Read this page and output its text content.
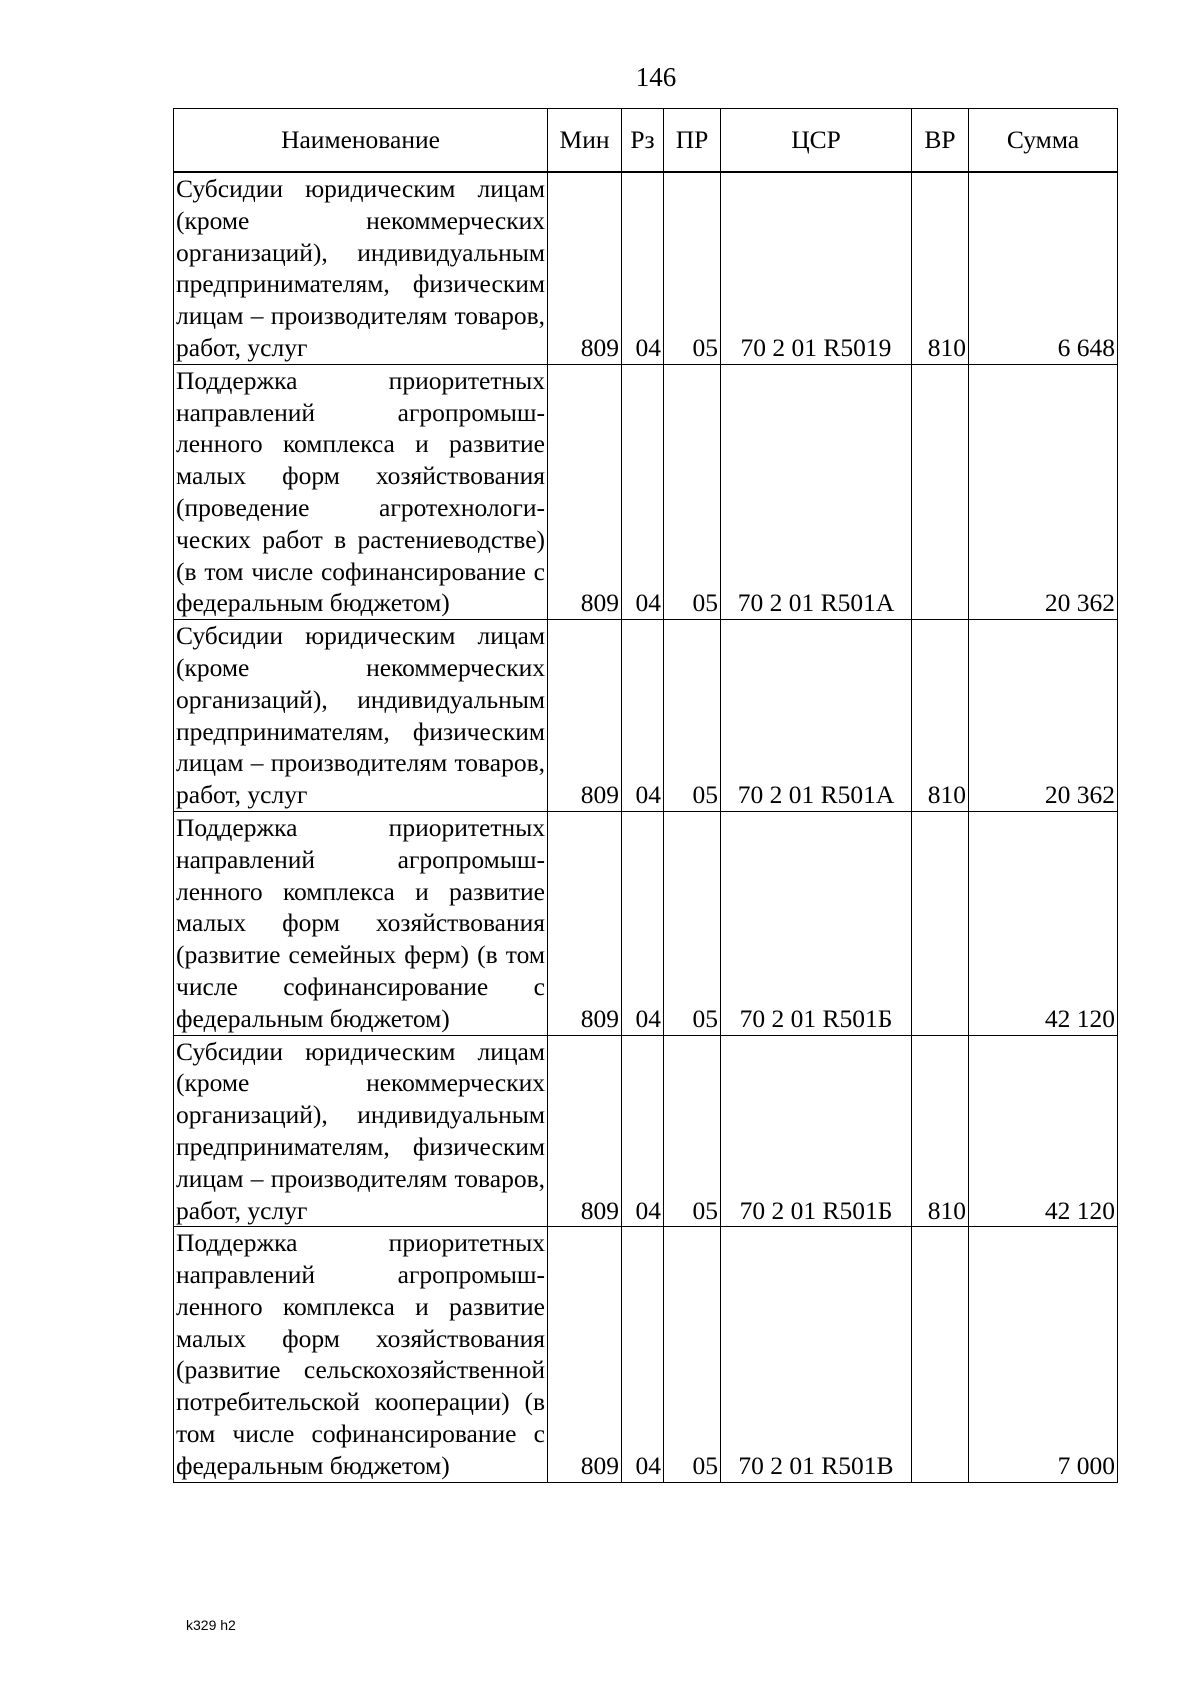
146
Наименование	Мин	Рз	ПР	ЦСР	ВР	Сумма
Субсидии юридическим лицам (кроме некоммерческих организаций), индивидуальным предпринимателям, физическим лицам – производителям товаров, работ, услуг	809	04	05	70 2 01 R5019	810	6 648
Поддержка приоритетных направлений агропромышленного комплекса и развитие малых форм хозяйствования (проведение агротехнологических работ в растениеводстве) (в том числе софинансирование с федеральным бюджетом)	809	04	05	70 2 01 R501А		20 362
Субсидии юридическим лицам (кроме некоммерческих организаций), индивидуальным предпринимателям, физическим лицам – производителям товаров, работ, услуг	809	04	05	70 2 01 R501А	810	20 362
Поддержка приоритетных направлений агропромышленного комплекса и развитие малых форм хозяйствования (развитие семейных ферм) (в том числе софинансирование с федеральным бюджетом)	809	04	05	70 2 01 R501Б		42 120
Субсидии юридическим лицам (кроме некоммерческих организаций), индивидуальным предпринимателям, физическим лицам – производителям товаров, работ, услуг	809	04	05	70 2 01 R501Б	810	42 120
Поддержка приоритетных направлений агропромышленного комплекса и развитие малых форм хозяйствования (развитие сельскохозяйственной потребительской кооперации) (в том числе софинансирование с федеральным бюджетом)	809	04	05	70 2 01 R501В		7 000
k329 h2
